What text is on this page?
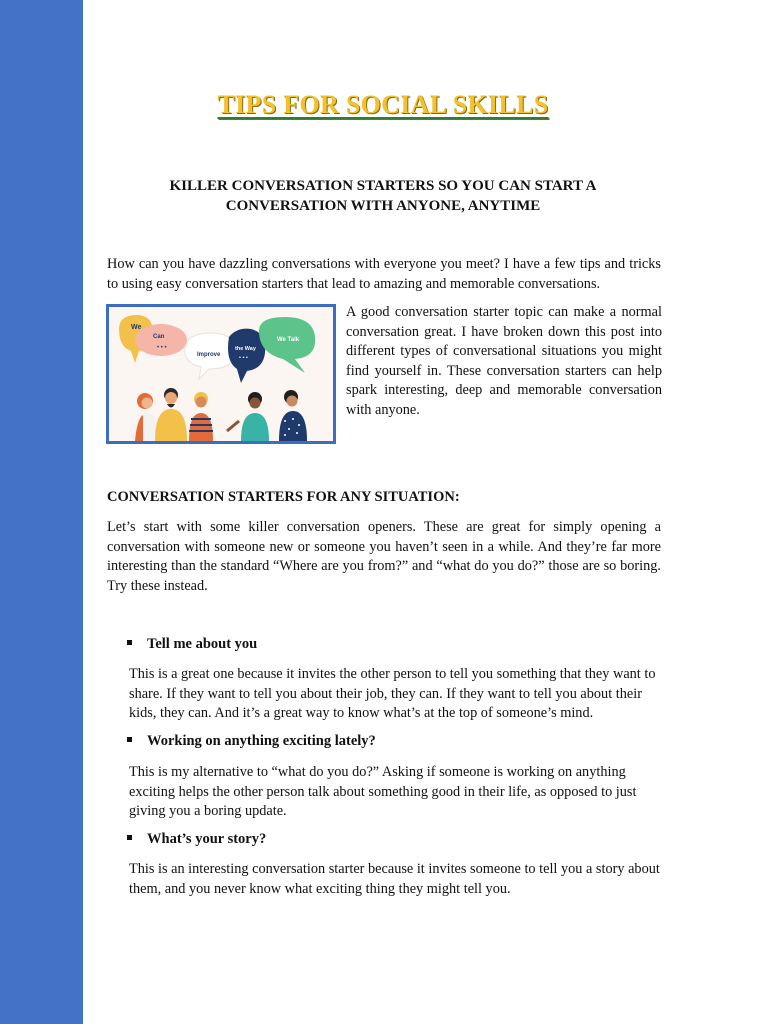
TIPS FOR SOCIAL SKILLS
KILLER CONVERSATION STARTERS SO YOU CAN START A
CONVERSATION WITH ANYONE, ANYTIME

How can you have dazzling conversations with everyone you meet? I have a few tips and tricks to using easy conversation starters that lead to amazing and memorable conversations.

We
Can
• • •
Improve
the Way
• • •
We Talk

A good conversation starter topic can make a normal conversation great. I have broken down this post into different types of conversational situations you might find yourself in. These conversation starters can help spark interesting, deep and memorable conversation with anyone.

CONVERSATION STARTERS FOR ANY SITUATION:

Let’s start with some killer conversation openers. These are great for simply opening a conversation with someone new or someone you haven’t seen in a while. And they’re far more interesting than the standard “Where are you from?” and “what do you do?” those are so boring. Try these instead.

Tell me about you

This is a great one because it invites the other person to tell you something that they want to share. If they want to tell you about their job, they can. If they want to tell you about their kids, they can. And it’s a great way to know what’s at the top of someone’s mind.

Working on anything exciting lately?

This is my alternative to “what do you do?” Asking if someone is working on anything exciting helps the other person talk about something good in their life, as opposed to just giving you a boring update.

What’s your story?

This is an interesting conversation starter because it invites someone to tell you a story about them, and you never know what exciting thing they might tell you.
